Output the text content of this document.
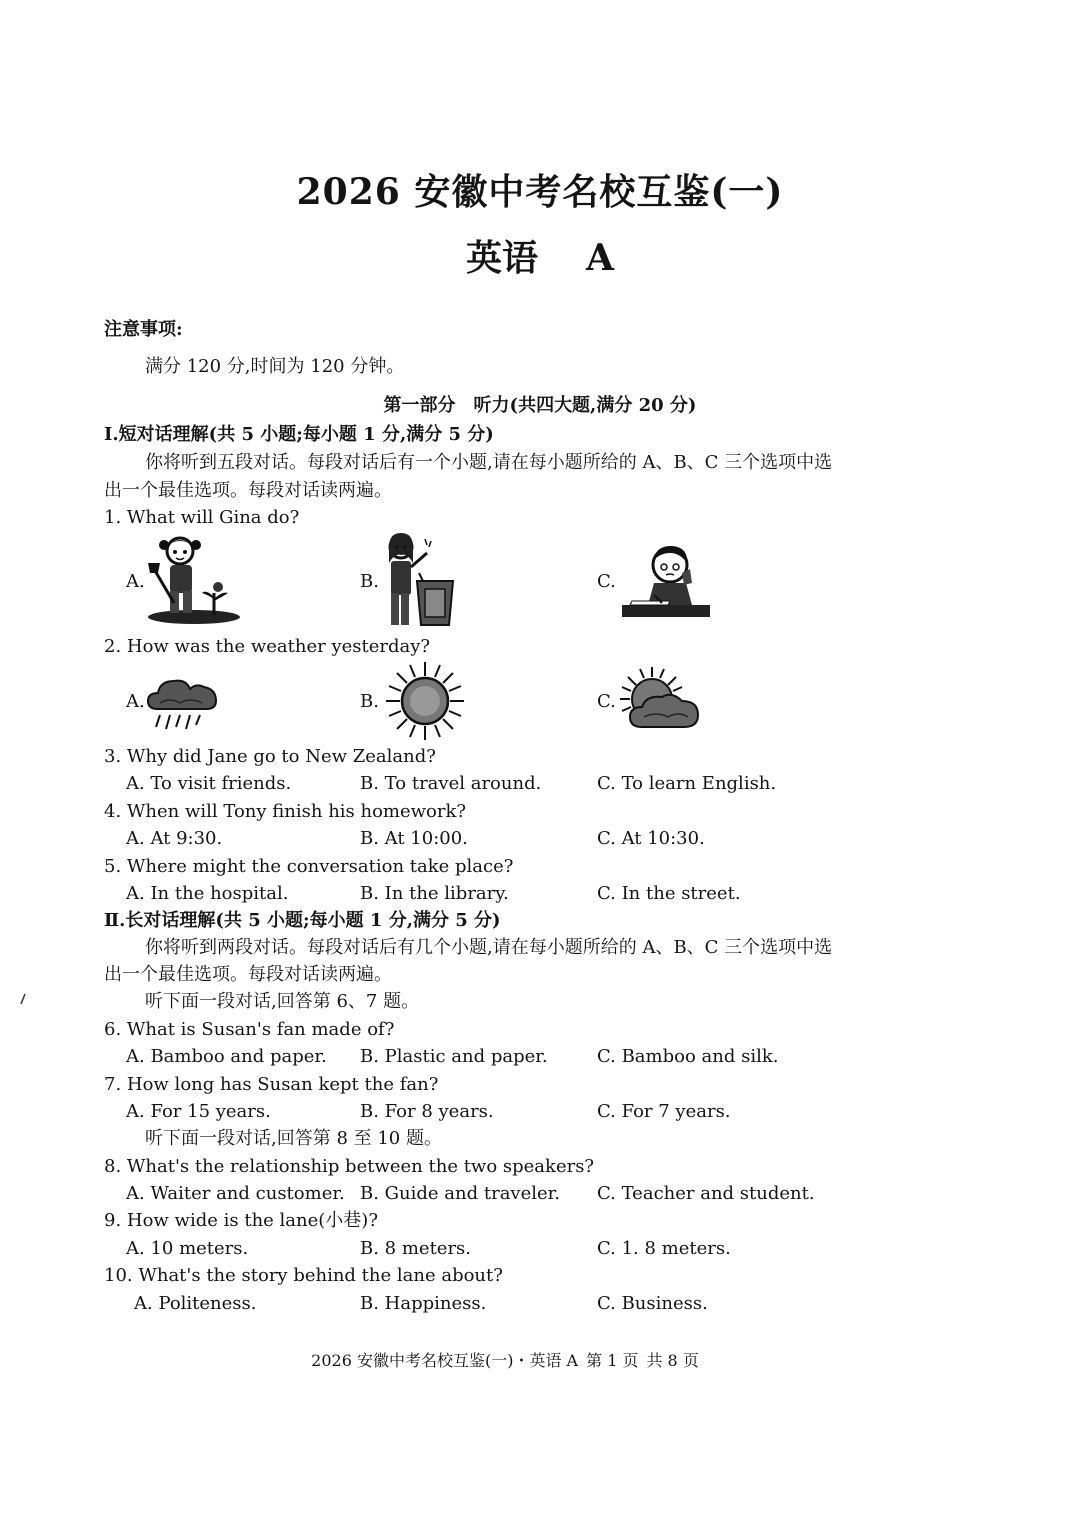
2026 安徽中考名校互鉴(一)
英语 A
注意事项:
满分 120 分,时间为 120 分钟。
第一部分　听力(共四大题,满分 20 分)
Ⅰ.短对话理解(共 5 小题;每小题 1 分,满分 5 分)
你将听到五段对话。每段对话后有一个小题,请在每小题所给的 A、B、C 三个选项中选
出一个最佳选项。每段对话读两遍。
1. What will Gina do?
A.	B.	C.
2. How was the weather yesterday?
A.	B.	C.
3. Why did Jane go to New Zealand?
A. To visit friends.	B. To travel around.	C. To learn English.
4. When will Tony finish his homework?
A. At 9:30.	B. At 10:00.	C. At 10:30.
5. Where might the conversation take place?
A. In the hospital.	B. In the library.	C. In the street.
Ⅱ.长对话理解(共 5 小题;每小题 1 分,满分 5 分)
你将听到两段对话。每段对话后有几个小题,请在每小题所给的 A、B、C 三个选项中选
出一个最佳选项。每段对话读两遍。
听下面一段对话,回答第 6、7 题。
6. What is Susan's fan made of?
A. Bamboo and paper. B. Plastic and paper.	C. Bamboo and silk.
7. How long has Susan kept the fan?
A. For 15 years.	B. For 8 years.	C. For 7 years.
听下面一段对话,回答第 8 至 10 题。
8. What's the relationship between the two speakers?
A. Waiter and customer. B. Guide and traveler. C. Teacher and student.
9. How wide is the lane(小巷)?
A. 10 meters.	B. 8 meters.	C. 1. 8 meters.
10. What's the story behind the lane about?
A. Politeness.	B. Happiness.	C. Business.
2026 安徽中考名校互鉴(一)・英语 A 第 1 页 共 8 页
